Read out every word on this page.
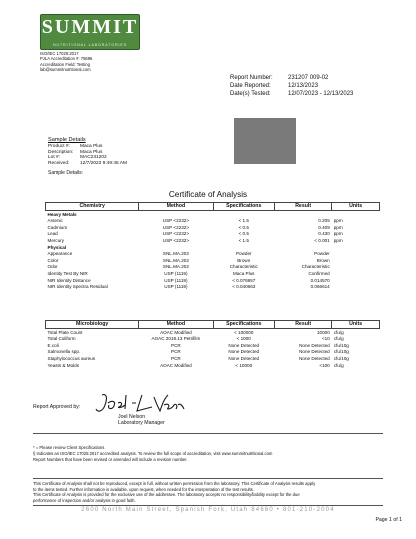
SUMMIT
NUTRITIONAL LABORATORIES
ISO/IEC 17025:2017
PJLA Accreditation #: 75696
Accreditation Field: Testing
lab@summitnutritional.com
Report Number:	231207 009-02
Date Reported:	12/13/2023
Date(s) Tested:	12/07/2023 - 12/13/2023
Sample Details
Product #:	Maca Plus
Description:	Maca Plus
Lot #:	MAC231202
Received:	12/7/2023 9:49:45 AM
Sample Details:
Certificate of Analysis
Chemistry	Method	Specifications	Result	Units
Heavy Metals				
Arsenic	USP <2232>	< 1.5	0.205	ppm
Cadmium	USP <2232>	< 0.5	0.409	ppm
Lead	USP <2232>	< 0.5	0.430	ppm
Mercury	USP <2232>	< 1.5	< 0.001	ppm
Physical				
Appearance	SNL.MA.202	Powder	Powder	
Color	SNL.MA.202	Brown	Brown	
Odor	SNL.MA.202	Characteristic	Characteristic	
Identity Test By NIR	USP (1119)	Maca Plus	Confirmed	
NIR Identity Distance	USP (1119)	< 0.076957	0.014570	
NIR Identity Spectra Residual	USP (1119)	< 0.040663	0.066614	
Microbiology	Method	Specifications	Result	Units
Total Plate Count	AOAC Modified	< 100000	10000	cfu/g
Total Coliform	AOAC 2018.13 Petrifilm	< 1000	<10	cfu/g
E.coli	PCR	None Detected	None Detected	cfu/10g
Salmonella spp.	PCR	None Detected	None Detected	cfu/10g
Staphylococcus aureus	PCR	None Detected	None Detected	cfu/10g
Yeasts & Molds	AOAC Modified	< 10000	<100	cfu/g
Report Approved by:
Joel Nelson
Laboratory Manager
* = Please review Client Specifications
§ Indicates an ISO/IEC 17025:2017 accredited analysis. To review the full scope of accreditation, visit www.summitnutritional.com
Report Numbers that have been revised or amended will include a revision number.
This Certificate of Analysis shall not be reproduced, except in full, without written permission from the laboratory. This Certificate of Analysis results apply
to the items tested. Further information is available, upon request, when needed for the interpretation of the test results.
This Certificate of Analysis is provided for the exclusive use of the addressee. The laboratory accepts no responsibility/liability except for the due
performance of inspection and/or analysis in good faith.
2600 North Main Street, Spanish Fork, Utah 84660 • 801-210-2004
Page 1 of 1
